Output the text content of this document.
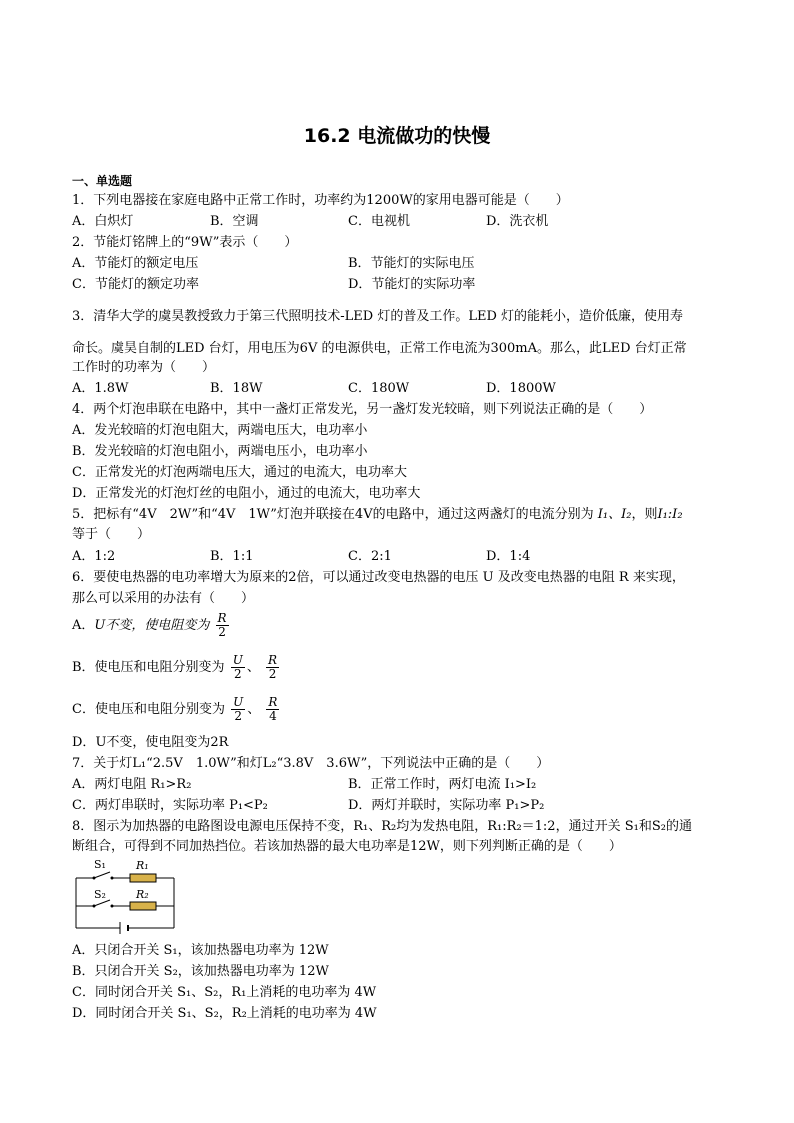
16.2 电流做功的快慢
一、单选题
1．下列电器接在家庭电路中正常工作时，功率约为1200W的家用电器可能是（　　）
A．白炽灯	B．空调	C．电视机	D．洗衣机
2．节能灯铭牌上的“9W”表示（　　）
A．节能灯的额定电压	B．节能灯的实际电压
C．节能灯的额定功率	D．节能灯的实际功率
3．清华大学的虞昊教授致力于第三代照明技术-LED 灯的普及工作。LED 灯的能耗小，造价低廉，使用寿
命长。虞昊自制的LED 台灯，用电压为6V 的电源供电，正常工作电流为300mA。那么，此LED 台灯正常
工作时的功率为（　　）
A．1.8W	B．18W	C．180W	D．1800W
4．两个灯泡串联在电路中，其中一盏灯正常发光，另一盏灯发光较暗，则下列说法正确的是（　　）
A．发光较暗的灯泡电阻大，两端电压大，电功率小
B．发光较暗的灯泡电阻小，两端电压小，电功率小
C．正常发光的灯泡两端电压大，通过的电流大，电功率大
D．正常发光的灯泡灯丝的电阻小，通过的电流大，电功率大
5．把标有“4V　2W”和“4V　1W”灯泡并联接在4V的电路中，通过这两盏灯的电流分别为 I₁、I₂，则I₁:I₂
等于（　　）
A．1:2	B．1:1	C．2:1	D．1:4
6．要使电热器的电功率增大为原来的2倍，可以通过改变电热器的电压 U 及改变电热器的电阻 R 来实现，
那么可以采用的办法有（　　）
A．U不变，使电阻变为 $\frac{R}{2}$
B．使电压和电阻分别变为 $\frac{U}{2}$ 、 $\frac{R}{2}$
C．使电压和电阻分别变为 $\frac{U}{2}$ 、 $\frac{R}{4}$
D．U不变，使电阻变为2R
7．关于灯L₁“2.5V　1.0W”和灯L₂“3.8V　3.6W”，下列说法中正确的是（　　）
A．两灯电阻 R₁>R₂	B．正常工作时，两灯电流 I₁>I₂
C．两灯串联时，实际功率 P₁<P₂	D．两灯并联时，实际功率 P₁>P₂
8．图示为加热器的电路图设电源电压保持不变，R₁、R₂均为发热电阻，R₁:R₂＝1:2，通过开关 S₁和S₂的通
断组合，可得到不同加热挡位。若该加热器的最大电功率是12W，则下列判断正确的是（　　）
S₁	R₁
S₂	R₂
A．只闭合开关 S₁，该加热器电功率为 12W
B．只闭合开关 S₂，该加热器电功率为 12W
C．同时闭合开关 S₁、S₂，R₁上消耗的电功率为 4W
D．同时闭合开关 S₁、S₂，R₂上消耗的电功率为 4W
